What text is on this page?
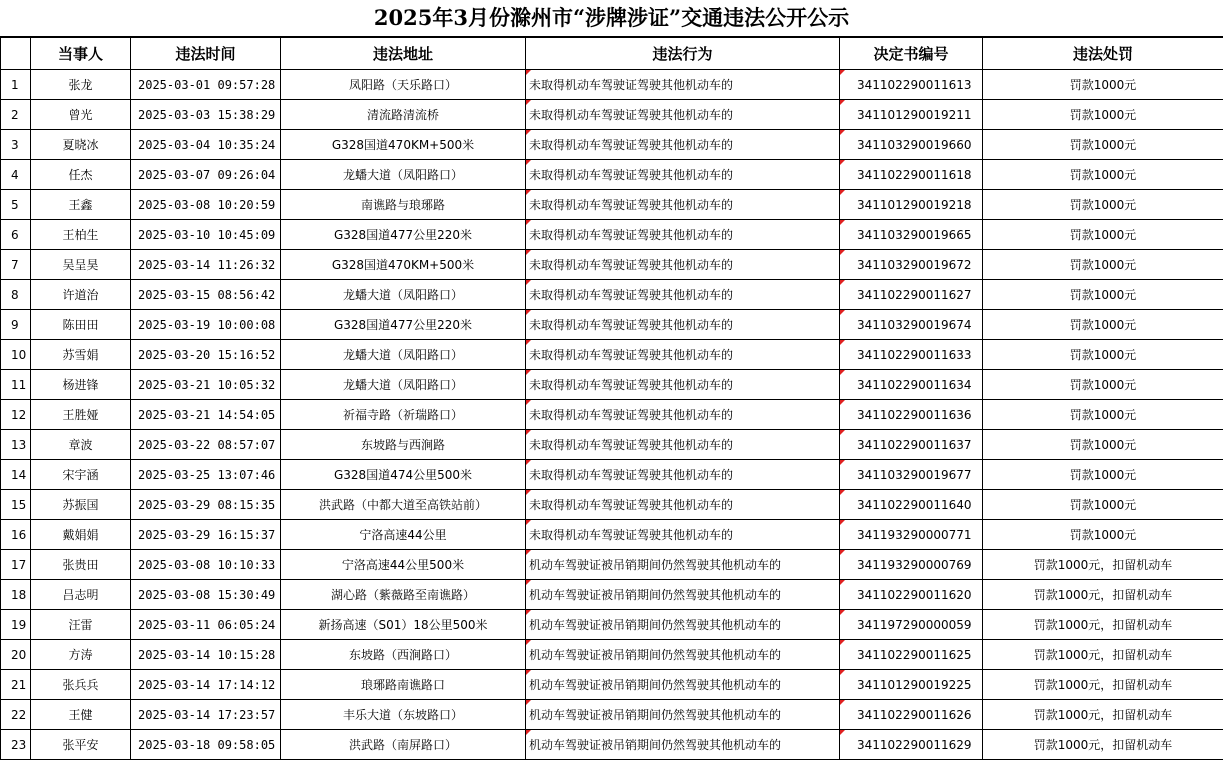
2025年3月份滁州市“涉牌涉证”交通违法公开公示
	当事人	违法时间	违法地址	违法行为	决定书编号	违法处罚
1	张龙	2025-03-01 09:57:28	凤阳路（天乐路口）	未取得机动车驾驶证驾驶其他机动车的	341102290011613	罚款1000元
2	曾光	2025-03-03 15:38:29	清流路清流桥	未取得机动车驾驶证驾驶其他机动车的	341101290019211	罚款1000元
3	夏晓冰	2025-03-04 10:35:24	G328国道470KM+500米	未取得机动车驾驶证驾驶其他机动车的	341103290019660	罚款1000元
4	任杰	2025-03-07 09:26:04	龙蟠大道（凤阳路口）	未取得机动车驾驶证驾驶其他机动车的	341102290011618	罚款1000元
5	王鑫	2025-03-08 10:20:59	南谯路与琅琊路	未取得机动车驾驶证驾驶其他机动车的	341101290019218	罚款1000元
6	王柏生	2025-03-10 10:45:09	G328国道477公里220米	未取得机动车驾驶证驾驶其他机动车的	341103290019665	罚款1000元
7	吴呈昊	2025-03-14 11:26:32	G328国道470KM+500米	未取得机动车驾驶证驾驶其他机动车的	341103290019672	罚款1000元
8	许道治	2025-03-15 08:56:42	龙蟠大道（凤阳路口）	未取得机动车驾驶证驾驶其他机动车的	341102290011627	罚款1000元
9	陈田田	2025-03-19 10:00:08	G328国道477公里220米	未取得机动车驾驶证驾驶其他机动车的	341103290019674	罚款1000元
10	苏雪娟	2025-03-20 15:16:52	龙蟠大道（凤阳路口）	未取得机动车驾驶证驾驶其他机动车的	341102290011633	罚款1000元
11	杨进锋	2025-03-21 10:05:32	龙蟠大道（凤阳路口）	未取得机动车驾驶证驾驶其他机动车的	341102290011634	罚款1000元
12	王胜娅	2025-03-21 14:54:05	祈福寺路（祈瑞路口）	未取得机动车驾驶证驾驶其他机动车的	341102290011636	罚款1000元
13	章波	2025-03-22 08:57:07	东坡路与西涧路	未取得机动车驾驶证驾驶其他机动车的	341102290011637	罚款1000元
14	宋宇涵	2025-03-25 13:07:46	G328国道474公里500米	未取得机动车驾驶证驾驶其他机动车的	341103290019677	罚款1000元
15	苏振国	2025-03-29 08:15:35	洪武路（中都大道至高铁站前）	未取得机动车驾驶证驾驶其他机动车的	341102290011640	罚款1000元
16	戴娟娟	2025-03-29 16:15:37	宁洛高速44公里	未取得机动车驾驶证驾驶其他机动车的	341193290000771	罚款1000元
17	张贵田	2025-03-08 10:10:33	宁洛高速44公里500米	机动车驾驶证被吊销期间仍然驾驶其他机动车的	341193290000769	罚款1000元，扣留机动车
18	吕志明	2025-03-08 15:30:49	湖心路（紫薇路至南谯路）	机动车驾驶证被吊销期间仍然驾驶其他机动车的	341102290011620	罚款1000元，扣留机动车
19	汪雷	2025-03-11 06:05:24	新扬高速（S01）18公里500米	机动车驾驶证被吊销期间仍然驾驶其他机动车的	341197290000059	罚款1000元，扣留机动车
20	方涛	2025-03-14 10:15:28	东坡路（西涧路口）	机动车驾驶证被吊销期间仍然驾驶其他机动车的	341102290011625	罚款1000元，扣留机动车
21	张兵兵	2025-03-14 17:14:12	琅琊路南谯路口	机动车驾驶证被吊销期间仍然驾驶其他机动车的	341101290019225	罚款1000元，扣留机动车
22	王健	2025-03-14 17:23:57	丰乐大道（东坡路口）	机动车驾驶证被吊销期间仍然驾驶其他机动车的	341102290011626	罚款1000元，扣留机动车
23	张平安	2025-03-18 09:58:05	洪武路（南屏路口）	机动车驾驶证被吊销期间仍然驾驶其他机动车的	341102290011629	罚款1000元，扣留机动车
